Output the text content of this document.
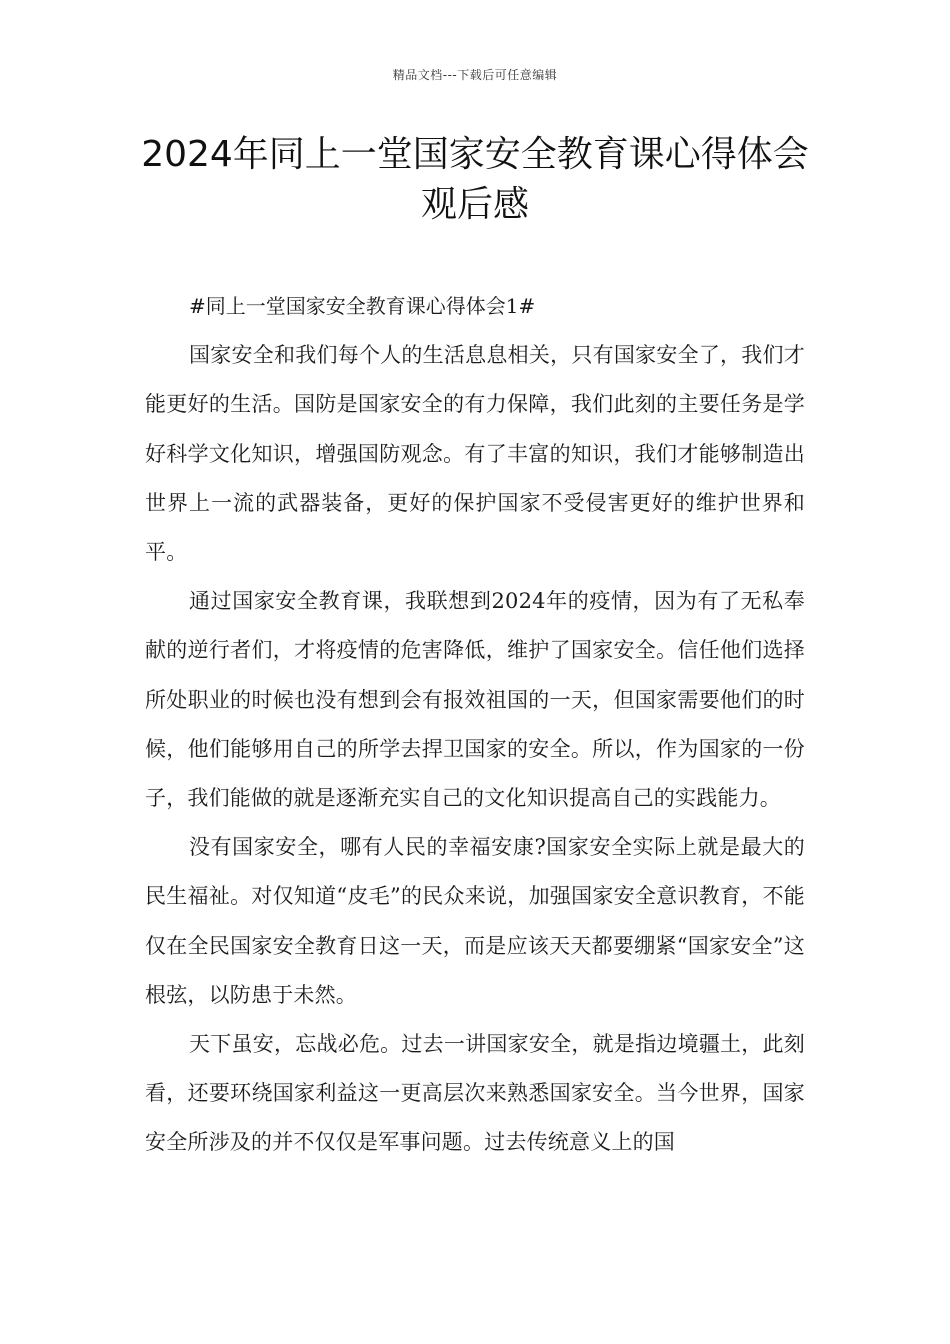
精品文档---下载后可任意编辑
2024年同上一堂国家安全教育课心得体会观后感

#同上一堂国家安全教育课心得体会1#

国家安全和我们每个人的生活息息相关，只有国家安全了，我们才能更好的生活。国防是国家安全的有力保障，我们此刻的主要任务是学好科学文化知识，增强国防观念。有了丰富的知识，我们才能够制造出世界上一流的武器装备，更好的保护国家不受侵害更好的维护世界和平。

通过国家安全教育课，我联想到2024年的疫情，因为有了无私奉献的逆行者们，才将疫情的危害降低，维护了国家安全。信任他们选择所处职业的时候也没有想到会有报效祖国的一天，但国家需要他们的时候，他们能够用自己的所学去捍卫国家的安全。所以，作为国家的一份子，我们能做的就是逐渐充实自己的文化知识提高自己的实践能力。

没有国家安全，哪有人民的幸福安康?国家安全实际上就是最大的民生福祉。对仅知道“皮毛”的民众来说，加强国家安全意识教育，不能仅在全民国家安全教育日这一天，而是应该天天都要绷紧“国家安全”这根弦，以防患于未然。

天下虽安，忘战必危。过去一讲国家安全，就是指边境疆土，此刻看，还要环绕国家利益这一更高层次来熟悉国家安全。当今世界，国家安全所涉及的并不仅仅是军事问题。过去传统意义上的国
